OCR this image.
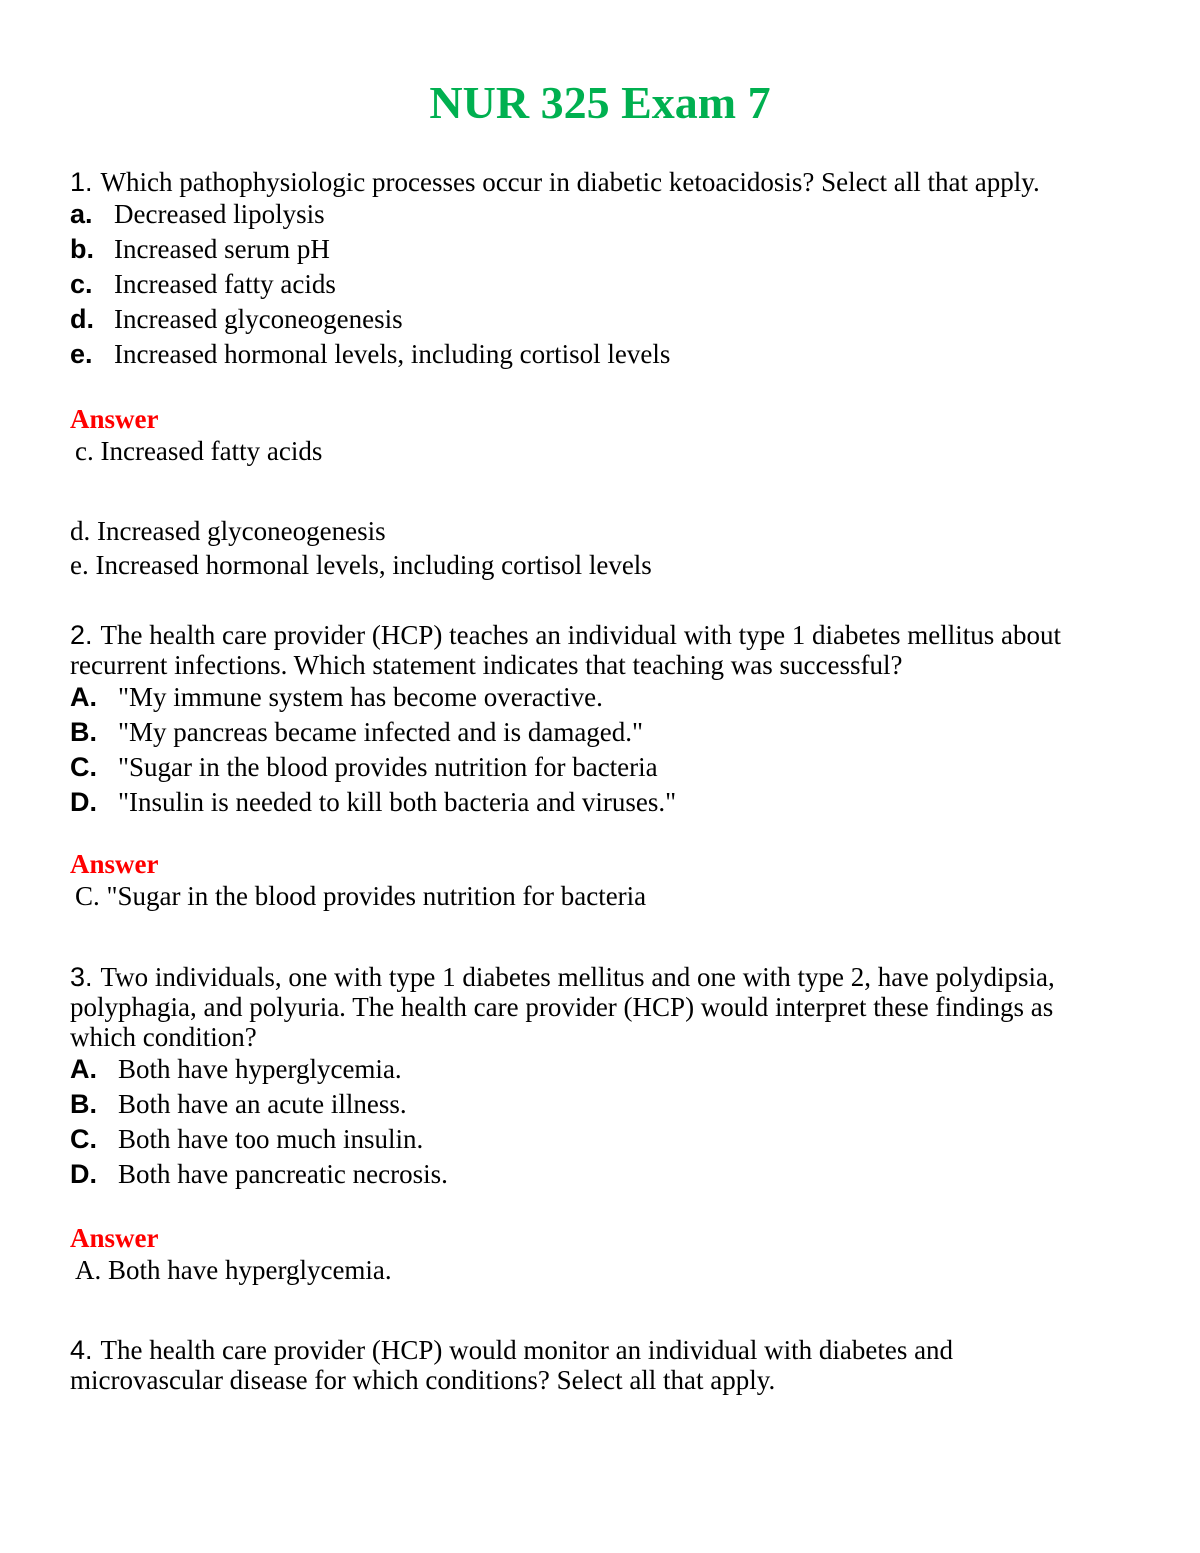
NUR 325 Exam 7

1. Which pathophysiologic processes occur in diabetic ketoacidosis? Select all that apply.

a. Decreased lipolysis
b. Increased serum pH
c. Increased fatty acids
d. Increased glyconeogenesis
e. Increased hormonal levels, including cortisol levels
Answer
c. Increased fatty acids
d. Increased glyconeogenesis
e. Increased hormonal levels, including cortisol levels

2. The health care provider (HCP) teaches an individual with type 1 diabetes mellitus about

recurrent infections. Which statement indicates that teaching was successful?

A. "My immune system has become overactive.
B. "My pancreas became infected and is damaged."
C. "Sugar in the blood provides nutrition for bacteria
D. "Insulin is needed to kill both bacteria and viruses."
Answer
C. "Sugar in the blood provides nutrition for bacteria

3. Two individuals, one with type 1 diabetes mellitus and one with type 2, have polydipsia,

polyphagia, and polyuria. The health care provider (HCP) would interpret these findings as

which condition?

A. Both have hyperglycemia.
B. Both have an acute illness.
C. Both have too much insulin.
D. Both have pancreatic necrosis.
Answer
A. Both have hyperglycemia.

4. The health care provider (HCP) would monitor an individual with diabetes and

microvascular disease for which conditions? Select all that apply.
